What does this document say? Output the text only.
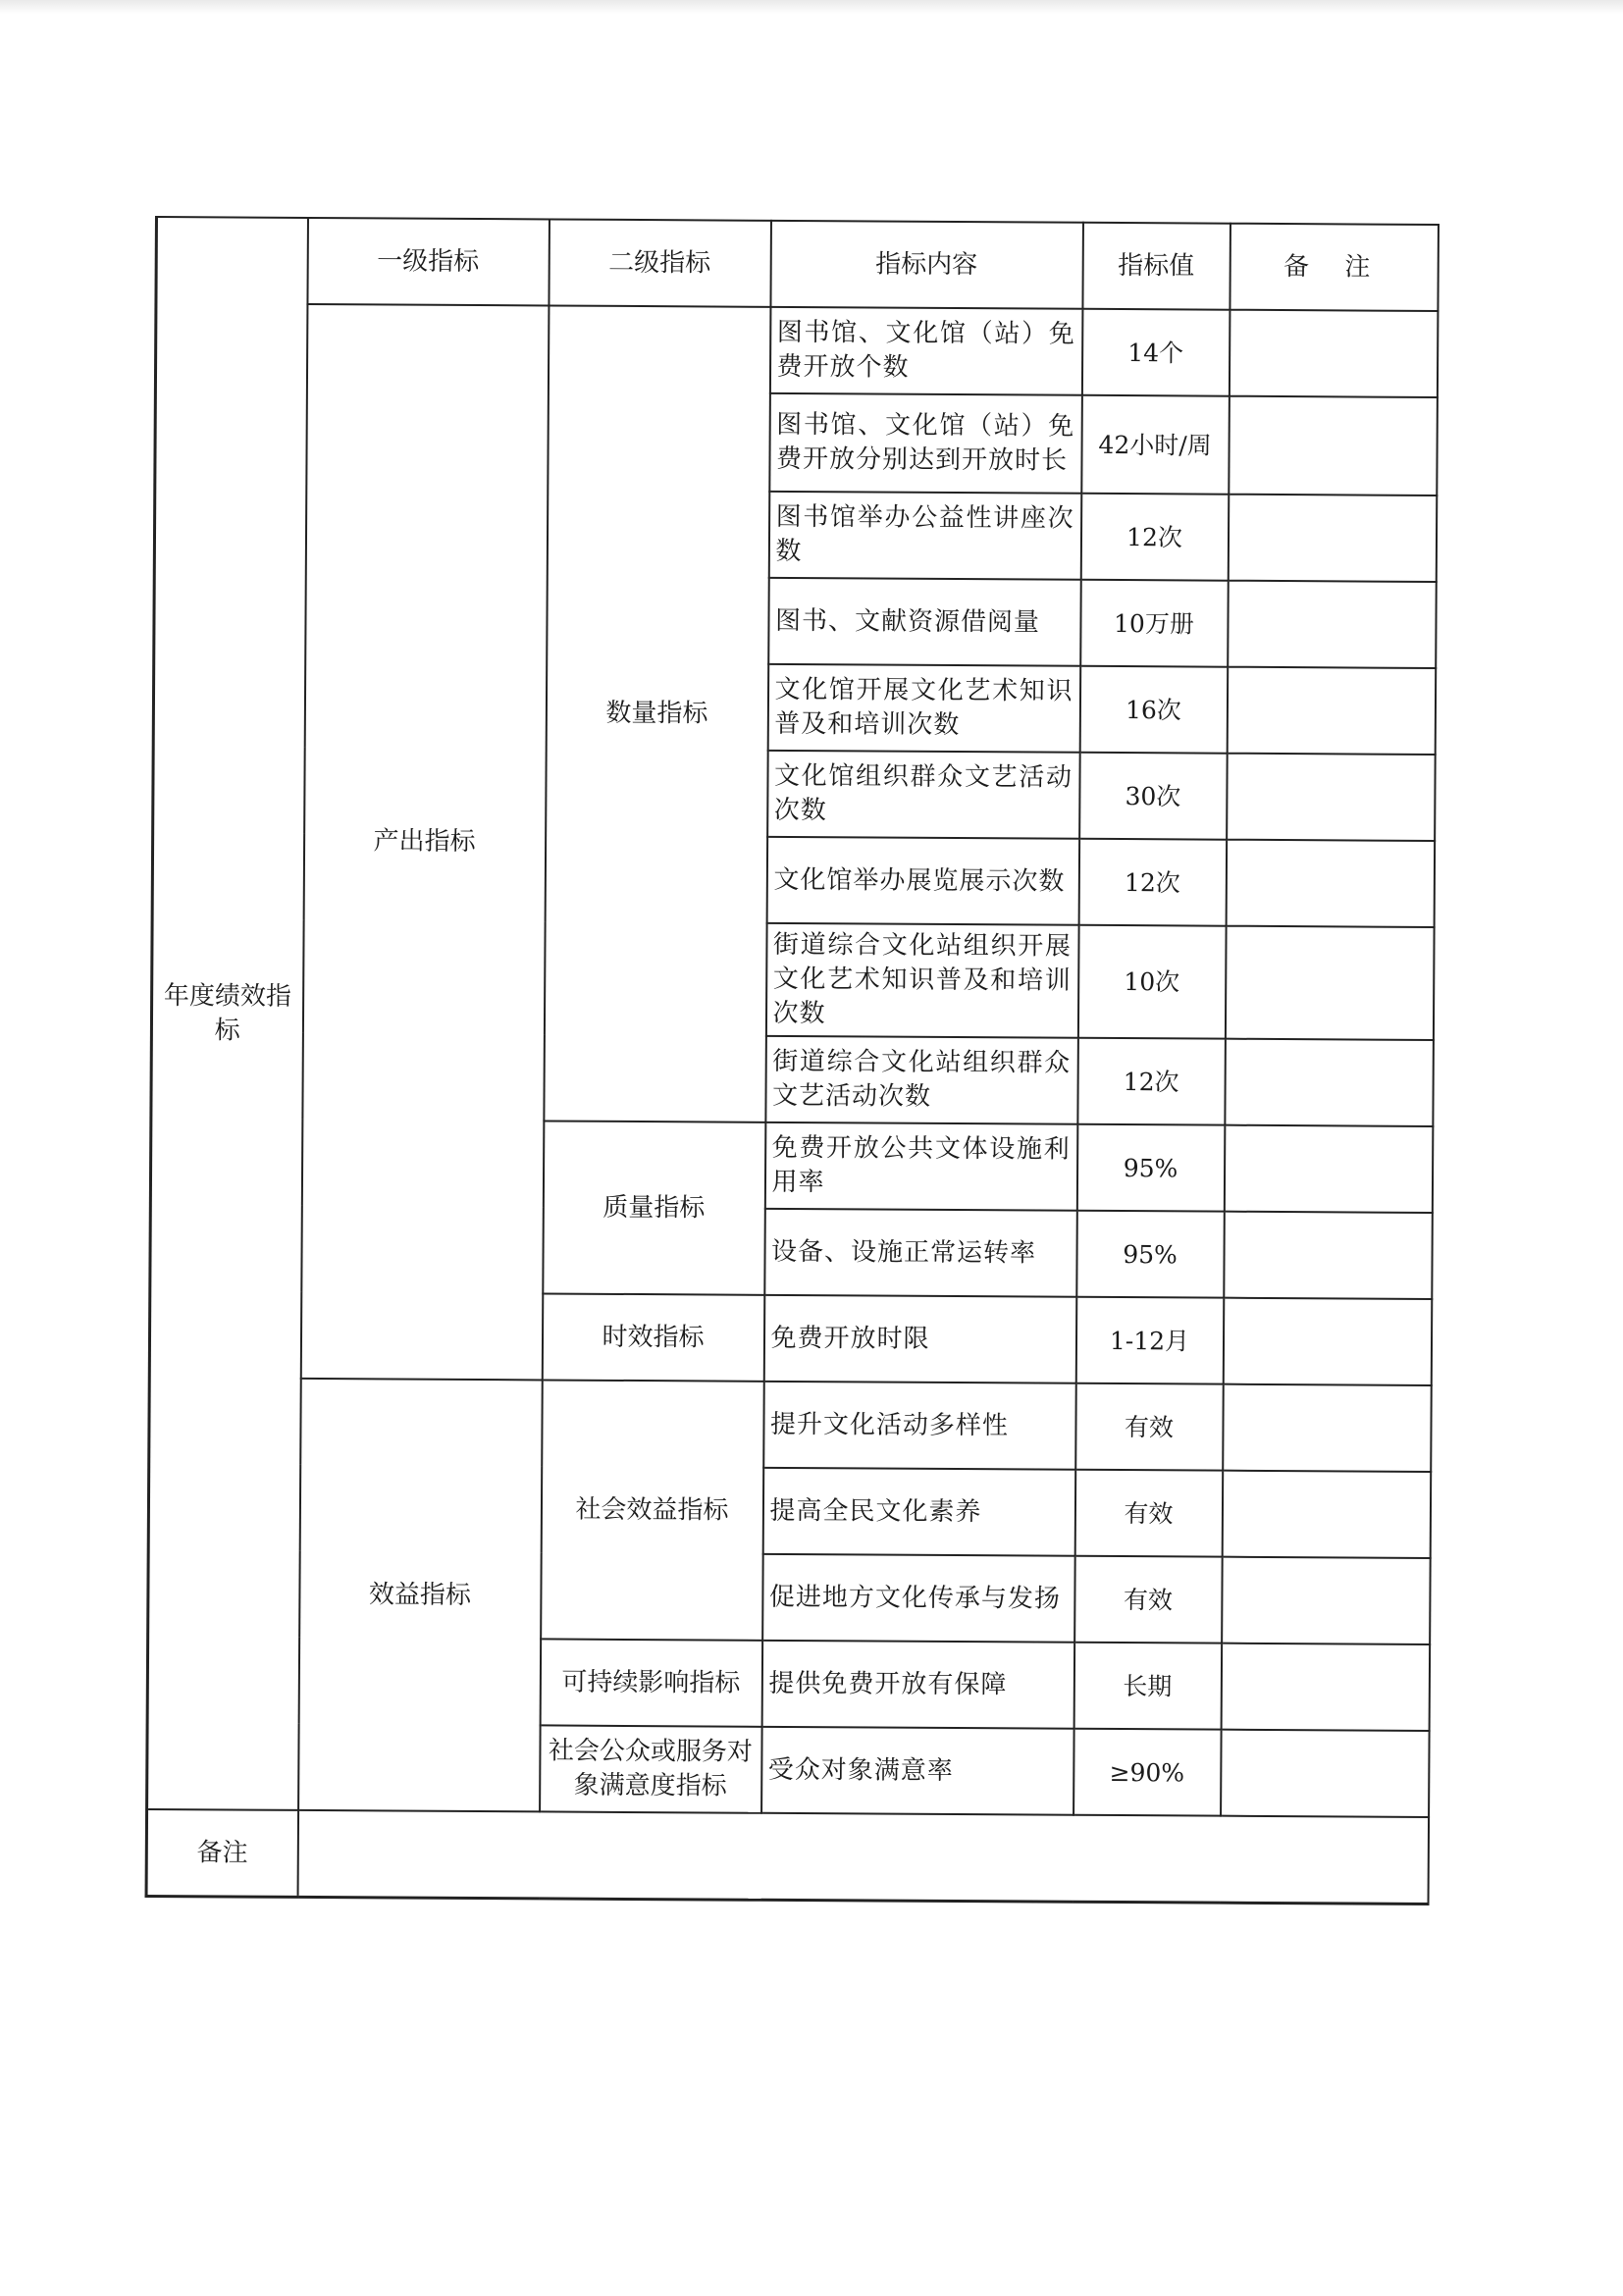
年度绩效指标	一级指标	二级指标	指标内容	指标值	备 注
	产出指标	数量指标	图书馆、文化馆（站）免费开放个数	14个	
			图书馆、文化馆（站）免费开放分别达到开放时长	42小时/周	
			图书馆举办公益性讲座次数	12次	
			图书、文献资源借阅量	10万册	
			文化馆开展文化艺术知识普及和培训次数	16次	
			文化馆组织群众文艺活动次数	30次	
			文化馆举办展览展示次数	12次	
			街道综合文化站组织开展文化艺术知识普及和培训次数	10次	
			街道综合文化站组织群众文艺活动次数	12次	
		质量指标	免费开放公共文体设施利用率	95%	
			设备、设施正常运转率	95%	
		时效指标	免费开放时限	1-12月	
	效益指标	社会效益指标	提升文化活动多样性	有效	
			提高全民文化素养	有效	
			促进地方文化传承与发扬	有效	
		可持续影响指标	提供免费开放有保障	长期	
		社会公众或服务对象满意度指标	受众对象满意率	≥90%	
备注					
